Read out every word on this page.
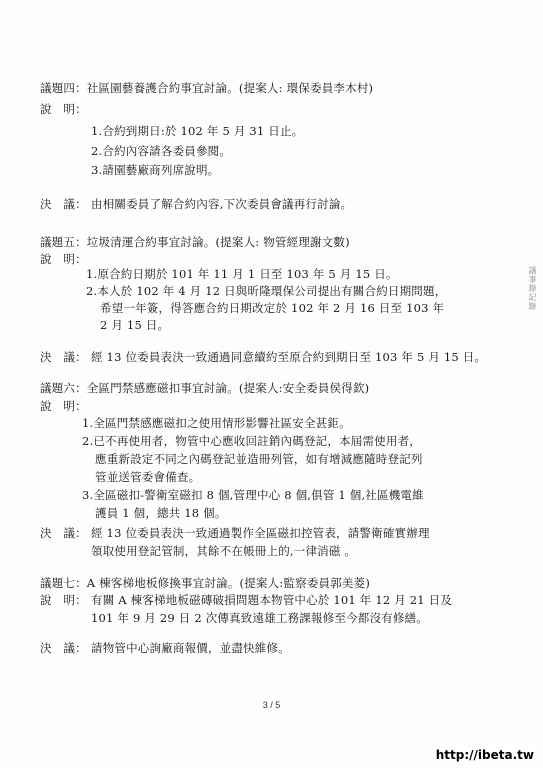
議題四：社區園藝養護合約事宜討論。(提案人: 環保委員李木村)
說　明：
1.合約到期日:於 102 年 5 月 31 日止。
2.合約內容請各委員參閱。
3.請園藝廠商列席說明。
決　議： 由相關委員了解合約內容,下次委員會議再行討論。
議題五：垃圾清運合約事宜討論。(提案人: 物管經理謝文數)
說　明：
1.原合約日期於 101 年 11 月 1 日至 103 年 5 月 15 日。
2.本人於 102 年 4 月 12 日與昕隆環保公司提出有關合約日期問題，
希望一年簽，得答應合約日期改定於 102 年 2 月 16 日至 103 年
2 月 15 日。
決　議： 經 13 位委員表決一致通過同意續約至原合約到期日至 103 年 5 月 15 日。
議題六：全區門禁感應磁扣事宜討論。(提案人:安全委員侯得欽)
說　明：
1.全區門禁感應磁扣之使用情形影響社區安全甚鉅。
2.已不再使用者，物管中心應收回註銷內碼登記，本屆需使用者，
應重新設定不同之內碼登記並造冊列管，如有增減應隨時登記列
管並送管委會備查。
3.全區磁扣-警衛室磁扣 8 個,管理中心 8 個,俱管 1 個,社區機電維
護員 1 個，總共 18 個。
決　議： 經 13 位委員表決一致通過製作全區磁扣控管表，請警衛確實辦理
領取使用登記管制，其餘不在帳冊上的,一律消磁 。
議題七：A 棟客梯地板修換事宜討論。(提案人:監察委員郭美菱)
說　明： 有關 A 棟客梯地板磁磚破損問題本物管中心於 101 年 12 月 21 日及
101 年 9 月 29 日 2 次傳真致遠雄工務課報修至今都沒有修繕。
決　議： 請物管中心詢廠商報價，並盡快維修。
議事錄記錄
3 / 5
http://ibeta.tw
